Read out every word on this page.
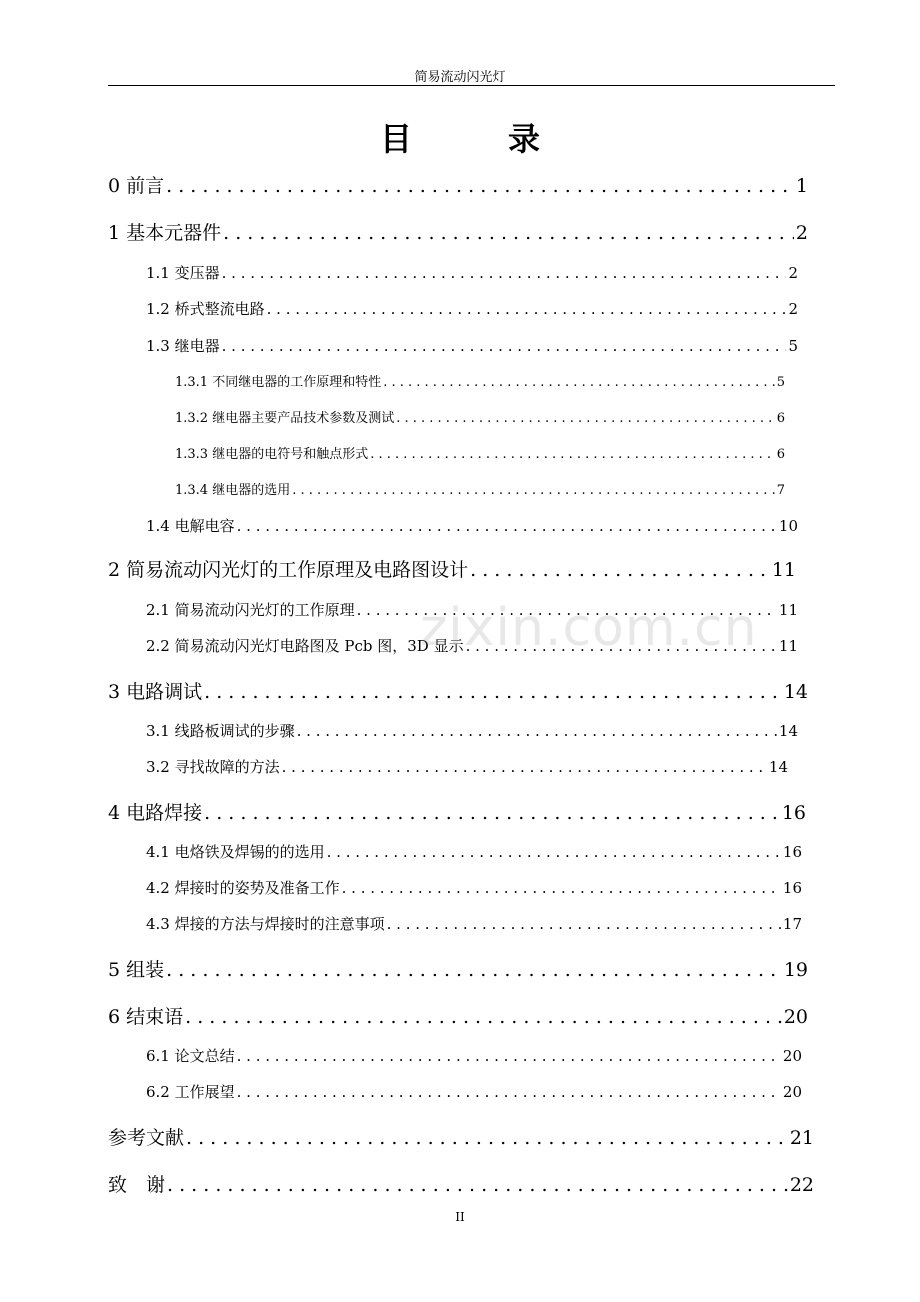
简易流动闪光灯
目	录
0 前言 . . .	1
1 基本元器件 . . .	2
1.1 变压器 . . .	2
1.2 桥式整流电路 . . .	2
1.3 继电器 . . .	5
1.3.1 不同继电器的工作原理和特性 . . .	5
1.3.2 继电器主要产品技术参数及测试 . . .	6
1.3.3 继电器的电符号和触点形式 . . .	6
1.3.4 继电器的选用 . . .	7
1.4 电解电容 . . .	10
2 简易流动闪光灯的工作原理及电路图设计 . . .	11
2.1 简易流动闪光灯的工作原理 . . .	11
2.2 简易流动闪光灯电路图及 Pcb 图，3D 显示 . . .	11
3 电路调试 . . .	14
3.1 线路板调试的步骤 . . .	14
3.2 寻找故障的方法 . . .	14
4 电路焊接 . . .	16
4.1 电烙铁及焊锡的的选用 . . .	16
4.2 焊接时的姿势及准备工作 . . .	16
4.3 焊接的方法与焊接时的注意事项 . . .	17
5 组装 . . .	19
6 结束语 . . .	20
6.1 论文总结 . . .	20
6.2 工作展望 . . .	20
参考文献 . . .	21
致　谢 . . .	22
zixin.com.cn
II
